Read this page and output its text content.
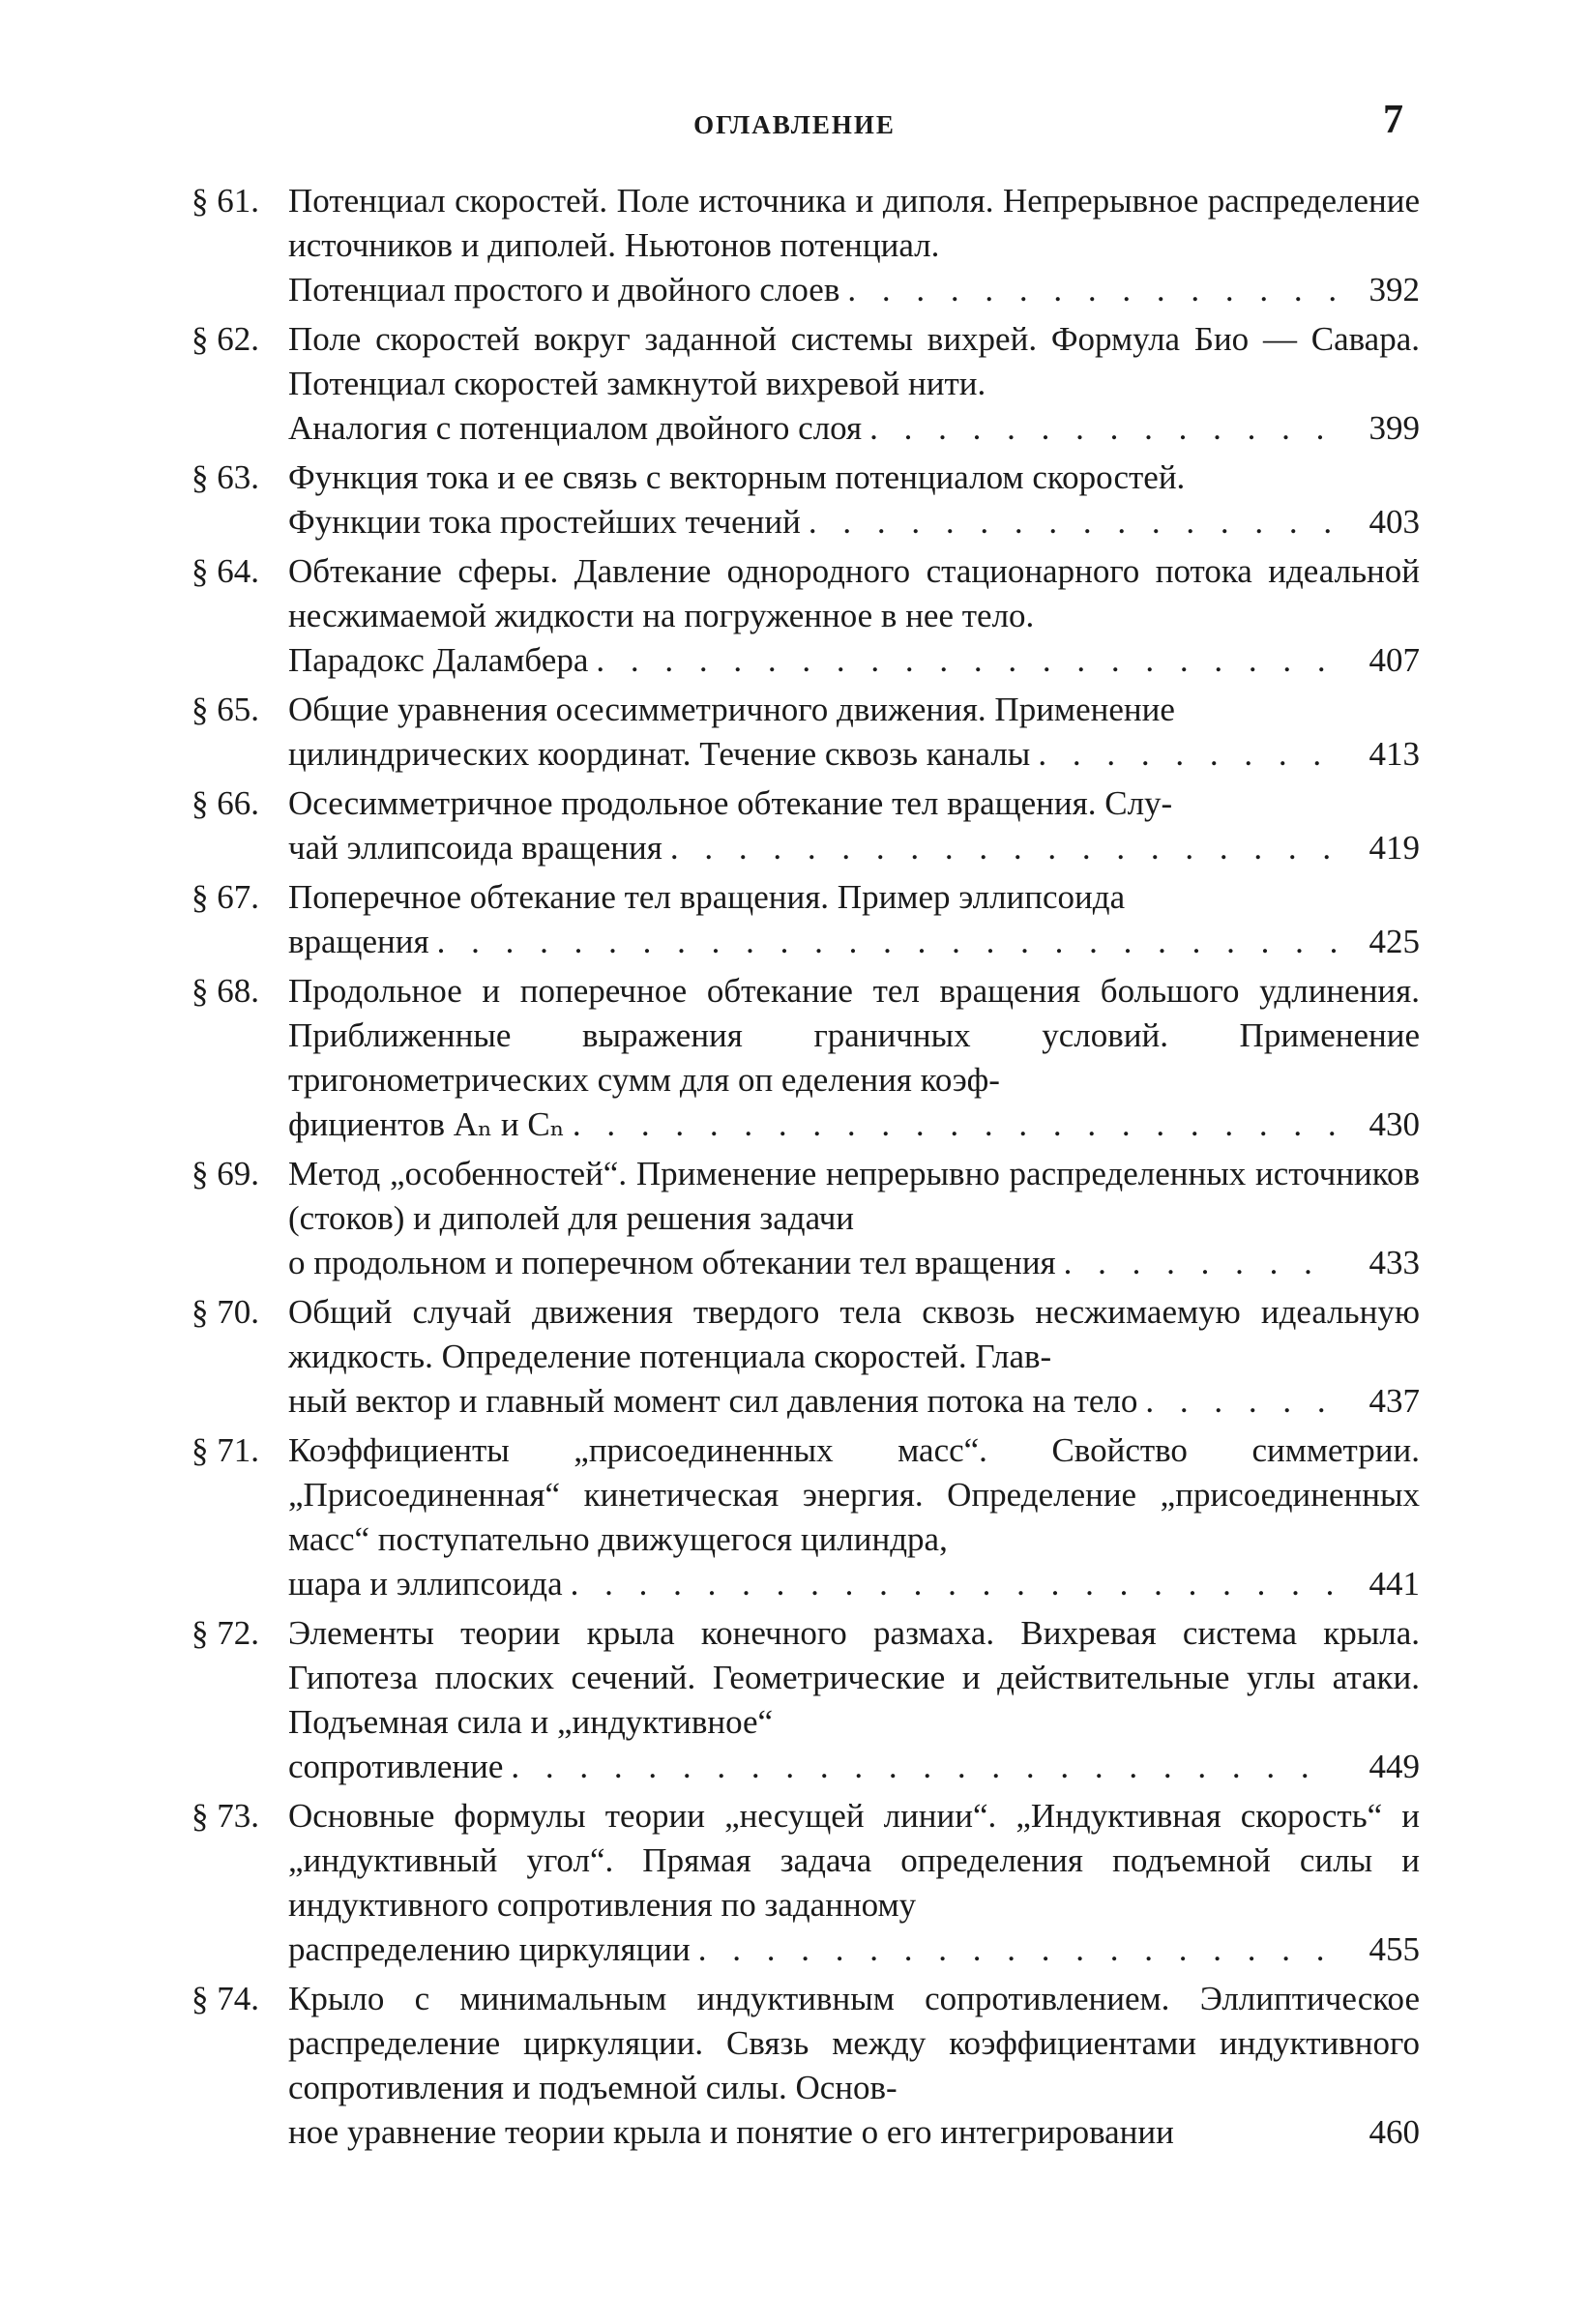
ОГЛАВЛЕНИЕ	7
§ 61. Потенциал скоростей. Поле источника и диполя. Непрерывное распределение источников и диполей. Ньютонов потенциал.
Потенциал простого и двойного слоев . . .	392
§ 62. Поле скоростей вокруг заданной системы вихрей. Формула Био — Савара. Потенциал скоростей замкнутой вихревой нити.
Аналогия с потенциалом двойного слоя . . .	399
§ 63. Функция тока и ее связь с векторным потенциалом скоростей.
Функции тока простейших течений . . .	403
§ 64. Обтекание сферы. Давление однородного стационарного потока идеальной несжимаемой жидкости на погруженное в нее тело.
Парадокс Даламбера . . .	407
§ 65. Общие уравнения осесимметричного движения. Применение
цилиндрических координат. Течение сквозь каналы . . .	413
§ 66. Осесимметричное продольное обтекание тел вращения. Слу-
чай эллипсоида вращения . . .	419
§ 67. Поперечное обтекание тел вращения. Пример эллипсоида
вращения . . .	425
§ 68. Продольное и поперечное обтекание тел вращения большого удлинения. Приближенные выражения граничных условий. Применение тригонометрических сумм для оп еделения коэф-
фициентов Aₙ и Cₙ . . .	430
§ 69. Метод „особенностей“. Применение непрерывно распределенных источников (стоков) и диполей для решения задачи
о продольном и поперечном обтекании тел вращения . . .	433
§ 70. Общий случай движения твердого тела сквозь несжимаемую идеальную жидкость. Определение потенциала скоростей. Глав-
ный вектор и главный момент сил давления потока на тело . . .	437
§ 71. Коэффициенты „присоединенных масс“. Свойство симметрии. „Присоединенная“ кинетическая энергия. Определение „присоединенных масс“ поступательно движущегося цилиндра,
шара и эллипсоида . . .	441
§ 72. Элементы теории крыла конечного размаха. Вихревая система крыла. Гипотеза плоских сечений. Геометрические и действительные углы атаки. Подъемная сила и „индуктивное“
сопротивление . . .	449
§ 73. Основные формулы теории „несущей линии“. „Индуктивная скорость“ и „индуктивный угол“. Прямая задача определения подъемной силы и индуктивного сопротивления по заданному
распределению циркуляции . . .	455
§ 74. Крыло с минимальным индуктивным сопротивлением. Эллиптическое распределение циркуляции. Связь между коэффициентами индуктивного сопротивления и подъемной силы. Основ-
ное уравнение теории крыла и понятие о его интегрировании	460
